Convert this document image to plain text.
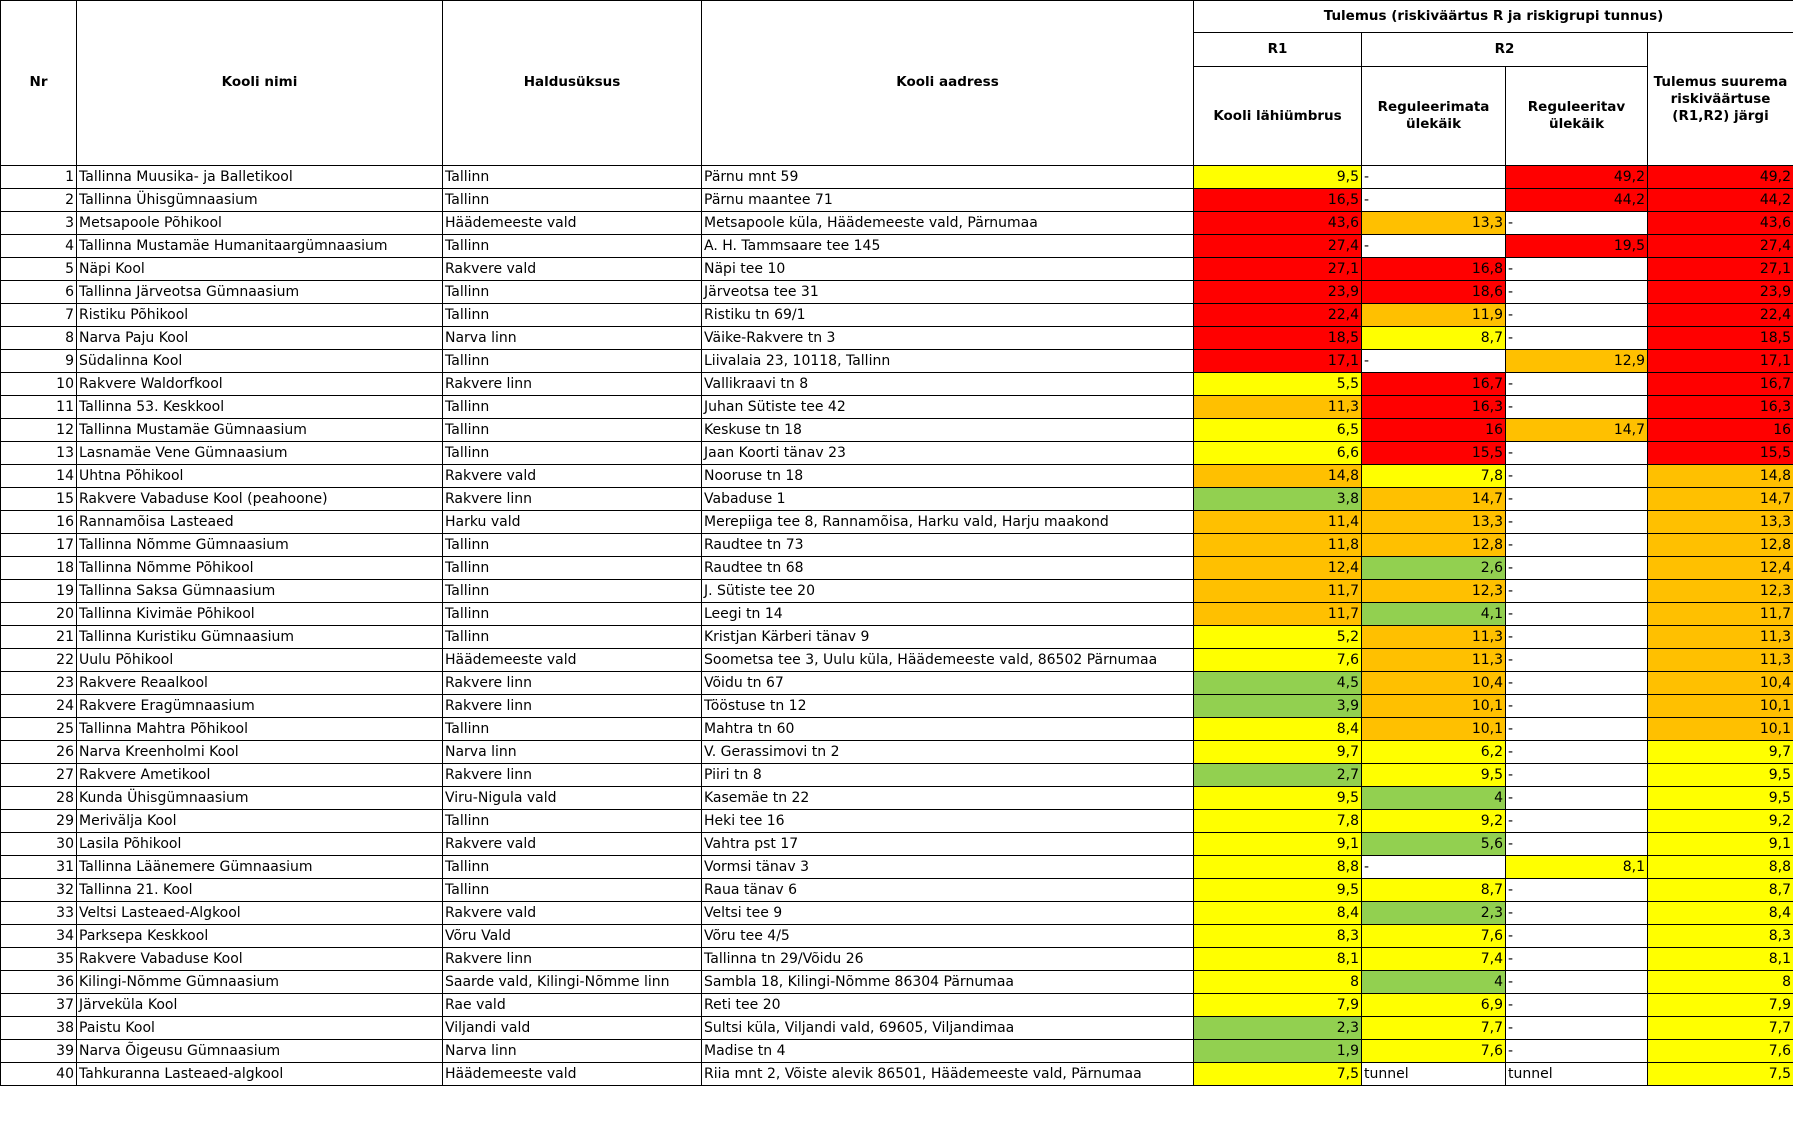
Nr	Kooli nimi	Haldusüksus	Kooli aadress	Tulemus (riskiväärtus R ja riskigrupi tunnus)			
				R1	R2		Tulemus suurema riskiväärtuse (R1,R2) järgi
				Kooli lähiümbrus	Reguleerimata ülekäik	Reguleeritav ülekäik	
1	Tallinna Muusika- ja Balletikool	Tallinn	Pärnu mnt 59	9,5	-	49,2	49,2
2	Tallinna Ühisgümnaasium	Tallinn	Pärnu maantee 71	16,5	-	44,2	44,2
3	Metsapoole Põhikool	Häädemeeste vald	Metsapoole küla, Häädemeeste vald, Pärnumaa	43,6	13,3	-	43,6
4	Tallinna Mustamäe Humanitaargümnaasium	Tallinn	A. H. Tammsaare tee 145	27,4	-	19,5	27,4
5	Näpi Kool	Rakvere vald	Näpi tee 10	27,1	16,8	-	27,1
6	Tallinna Järveotsa Gümnaasium	Tallinn	Järveotsa tee 31	23,9	18,6	-	23,9
7	Ristiku Põhikool	Tallinn	Ristiku tn 69/1	22,4	11,9	-	22,4
8	Narva Paju Kool	Narva linn	Väike-Rakvere tn 3	18,5	8,7	-	18,5
9	Südalinna Kool	Tallinn	Liivalaia 23, 10118, Tallinn	17,1	-	12,9	17,1
10	Rakvere Waldorfkool	Rakvere linn	Vallikraavi tn 8	5,5	16,7	-	16,7
11	Tallinna 53. Keskkool	Tallinn	Juhan Sütiste tee 42	11,3	16,3	-	16,3
12	Tallinna Mustamäe Gümnaasium	Tallinn	Keskuse tn 18	6,5	16	14,7	16
13	Lasnamäe Vene Gümnaasium	Tallinn	Jaan Koorti tänav 23	6,6	15,5	-	15,5
14	Uhtna Põhikool	Rakvere vald	Nooruse tn 18	14,8	7,8	-	14,8
15	Rakvere Vabaduse Kool (peahoone)	Rakvere linn	Vabaduse 1	3,8	14,7	-	14,7
16	Rannamõisa Lasteaed	Harku vald	Merepiiga tee 8, Rannamõisa, Harku vald, Harju maakond	11,4	13,3	-	13,3
17	Tallinna Nõmme Gümnaasium	Tallinn	Raudtee tn 73	11,8	12,8	-	12,8
18	Tallinna Nõmme Põhikool	Tallinn	Raudtee tn 68	12,4	2,6	-	12,4
19	Tallinna Saksa Gümnaasium	Tallinn	J. Sütiste tee 20	11,7	12,3	-	12,3
20	Tallinna Kivimäe Põhikool	Tallinn	Leegi tn 14	11,7	4,1	-	11,7
21	Tallinna Kuristiku Gümnaasium	Tallinn	Kristjan Kärberi tänav 9	5,2	11,3	-	11,3
22	Uulu Põhikool	Häädemeeste vald	Soometsa tee 3, Uulu küla, Häädemeeste vald, 86502 Pärnumaa	7,6	11,3	-	11,3
23	Rakvere Reaalkool	Rakvere linn	Võidu tn 67	4,5	10,4	-	10,4
24	Rakvere Eragümnaasium	Rakvere linn	Tööstuse tn 12	3,9	10,1	-	10,1
25	Tallinna Mahtra Põhikool	Tallinn	Mahtra tn 60	8,4	10,1	-	10,1
26	Narva Kreenholmi Kool	Narva linn	V. Gerassimovi tn 2	9,7	6,2	-	9,7
27	Rakvere Ametikool	Rakvere linn	Piiri tn 8	2,7	9,5	-	9,5
28	Kunda Ühisgümnaasium	Viru-Nigula vald	Kasemäe tn 22	9,5	4	-	9,5
29	Merivälja Kool	Tallinn	Heki tee 16	7,8	9,2	-	9,2
30	Lasila Põhikool	Rakvere vald	Vahtra pst 17	9,1	5,6	-	9,1
31	Tallinna Läänemere Gümnaasium	Tallinn	Vormsi tänav 3	8,8	-	8,1	8,8
32	Tallinna 21. Kool	Tallinn	Raua tänav 6	9,5	8,7	-	8,7
33	Veltsi Lasteaed-Algkool	Rakvere vald	Veltsi tee 9	8,4	2,3	-	8,4
34	Parksepa Keskkool	Võru Vald	Võru tee 4/5	8,3	7,6	-	8,3
35	Rakvere Vabaduse Kool	Rakvere linn	Tallinna tn 29/Võidu 26	8,1	7,4	-	8,1
36	Kilingi-Nõmme Gümnaasium	Saarde vald, Kilingi-Nõmme linn	Sambla 18, Kilingi-Nõmme 86304 Pärnumaa	8	4	-	8
37	Järveküla Kool	Rae vald	Reti tee 20	7,9	6,9	-	7,9
38	Paistu Kool	Viljandi vald	Sultsi küla, Viljandi vald, 69605, Viljandimaa	2,3	7,7	-	7,7
39	Narva Õigeusu Gümnaasium	Narva linn	Madise tn 4	1,9	7,6	-	7,6
40	Tahkuranna Lasteaed-algkool	Häädemeeste vald	Riia mnt 2, Võiste alevik 86501, Häädemeeste vald, Pärnumaa	7,5	tunnel	tunnel	7,5
